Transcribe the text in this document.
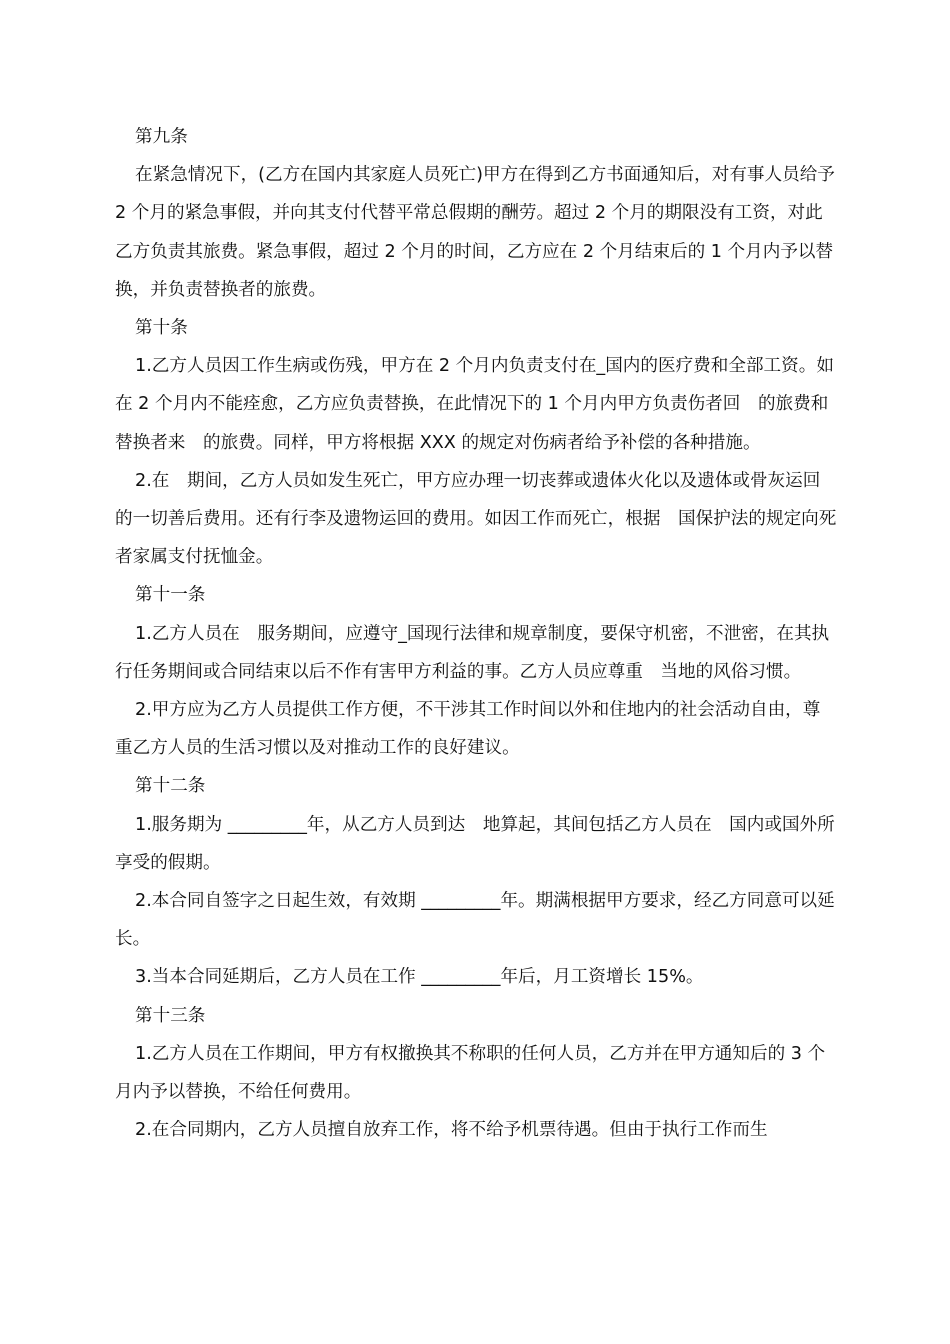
第九条

在紧急情况下，(乙方在国内其家庭人员死亡)甲方在得到乙方书面通知后，对有事人员给予 2 个月的紧急事假，并向其支付代替平常总假期的酬劳。超过 2 个月的期限没有工资，对此乙方负责其旅费。紧急事假，超过 2 个月的时间，乙方应在 2 个月结束后的 1 个月内予以替换，并负责替换者的旅费。

第十条

1.乙方人员因工作生病或伤残，甲方在 2 个月内负责支付在_国内的医疗费和全部工资。如在 2 个月内不能痊愈，乙方应负责替换，在此情况下的 1 个月内甲方负责伤者回　的旅费和替换者来　的旅费。同样，甲方将根据 XXX 的规定对伤病者给予补偿的各种措施。

2.在　期间，乙方人员如发生死亡，甲方应办理一切丧葬或遗体火化以及遗体或骨灰运回　的一切善后费用。还有行李及遗物运回的费用。如因工作而死亡，根据　国保护法的规定向死者家属支付抚恤金。

第十一条

1.乙方人员在　服务期间，应遵守_国现行法律和规章制度，要保守机密，不泄密，在其执行任务期间或合同结束以后不作有害甲方利益的事。乙方人员应尊重　当地的风俗习惯。

2.甲方应为乙方人员提供工作方便，不干涉其工作时间以外和住地内的社会活动自由，尊重乙方人员的生活习惯以及对推动工作的良好建议。

第十二条

1.服务期为 _________年，从乙方人员到达　地算起，其间包括乙方人员在　国内或国外所享受的假期。

2.本合同自签字之日起生效，有效期 _________年。期满根据甲方要求，经乙方同意可以延长。

3.当本合同延期后，乙方人员在工作 _________年后，月工资增长 15%。

第十三条

1.乙方人员在工作期间，甲方有权撤换其不称职的任何人员，乙方并在甲方通知后的 3 个月内予以替换，不给任何费用。

2.在合同期内，乙方人员擅自放弃工作，将不给予机票待遇。但由于执行工作而生
